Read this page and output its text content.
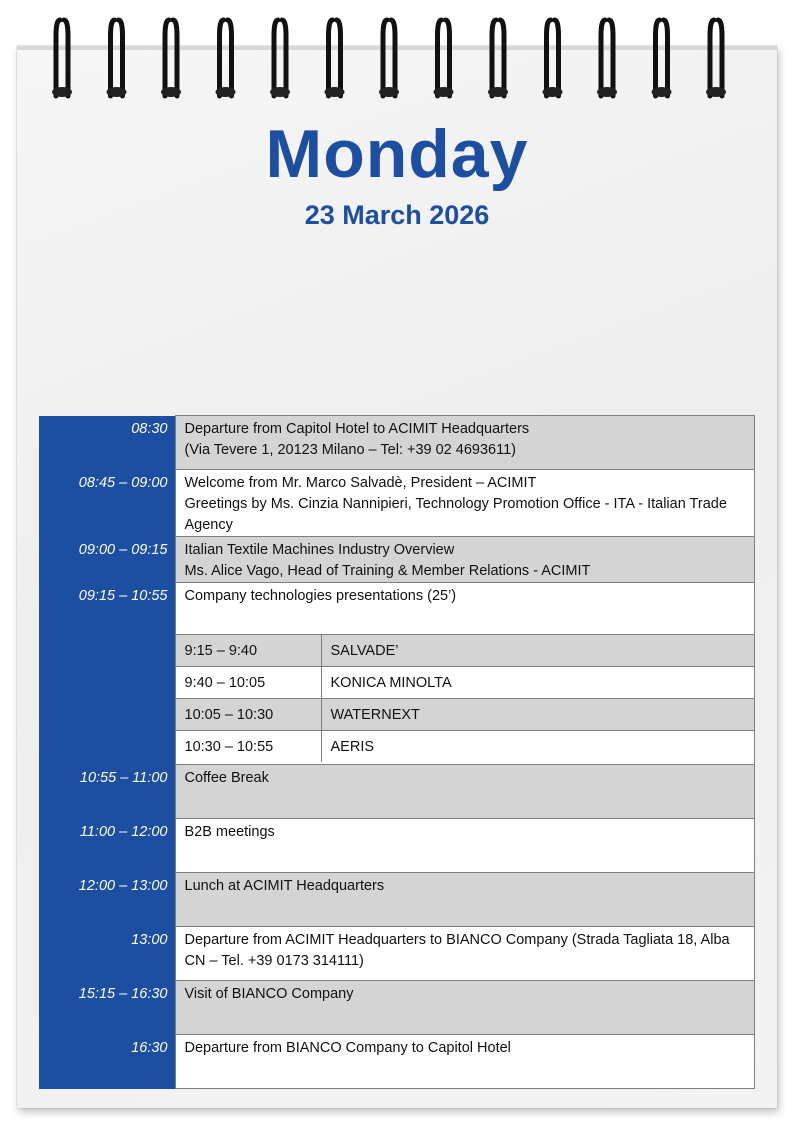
Monday
23 March 2026
08:30	Departure from Capitol Hotel to ACIMIT Headquarters
(Via Tevere 1, 20123 Milano – Tel: +39 02 4693611)

08:45 – 09:00	Welcome from Mr. Marco Salvadè, President – ACIMIT
Greetings by Ms. Cinzia Nannipieri, Technology Promotion Office - ITA - Italian Trade Agency

09:00 – 09:15	Italian Textile Machines Industry Overview
Ms. Alice Vago, Head of Training & Member Relations - ACIMIT

09:15 – 10:55	Company technologies presentations (25’)
9:15 – 9:40	SALVADE’
9:40 – 10:05	KONICA MINOLTA
10:05 – 10:30	WATERNEXT
10:30 – 10:55	AERIS

10:55 – 11:00	Coffee Break

11:00 – 12:00	B2B meetings

12:00 – 13:00	Lunch at ACIMIT Headquarters

13:00	Departure from ACIMIT Headquarters to BIANCO Company (Strada Tagliata 18, Alba CN – Tel. +39 0173 314111)

15:15 – 16:30	Visit of BIANCO Company

16:30	Departure from BIANCO Company to Capitol Hotel
